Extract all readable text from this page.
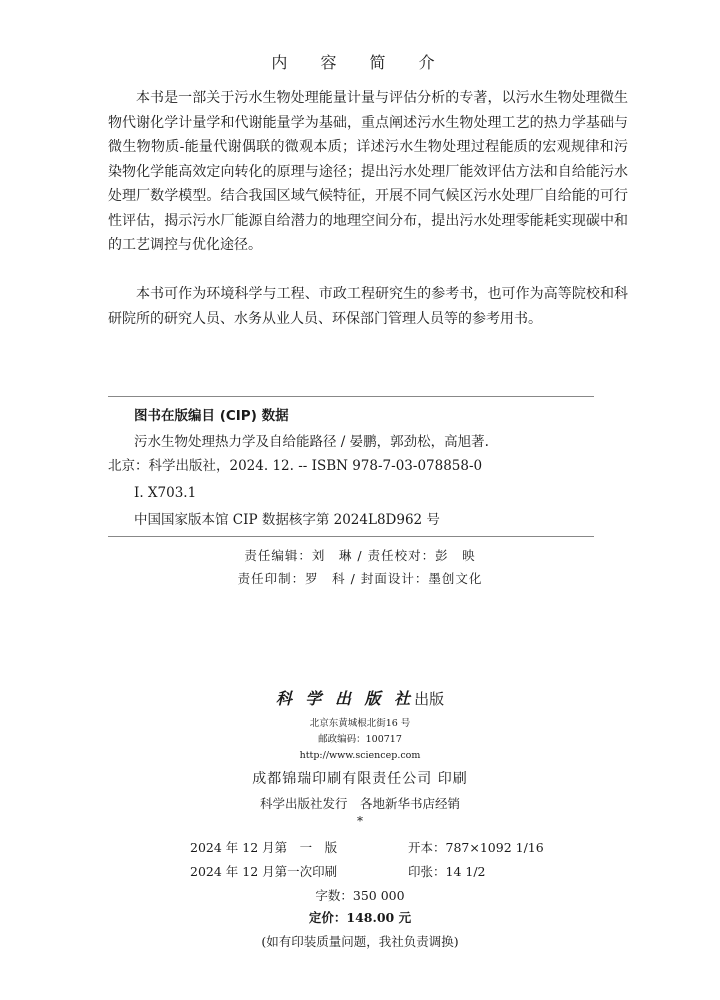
内 容 简 介

本书是一部关于污水生物处理能量计量与评估分析的专著，以污水生物处理微生物代谢化学计量学和代谢能量学为基础，重点阐述污水生物处理工艺的热力学基础与微生物物质-能量代谢偶联的微观本质；详述污水生物处理过程能质的宏观规律和污染物化学能高效定向转化的原理与途径；提出污水处理厂能效评估方法和自给能污水处理厂数学模型。结合我国区域气候特征，开展不同气候区污水处理厂自给能的可行性评估，揭示污水厂能源自给潜力的地理空间分布，提出污水处理零能耗实现碳中和的工艺调控与优化途径。

本书可作为环境科学与工程、市政工程研究生的参考书，也可作为高等院校和科研院所的研究人员、水务从业人员、环保部门管理人员等的参考用书。

图书在版编目 (CIP) 数据
污水生物处理热力学及自给能路径 / 晏鹏，郭劲松，高旭著.
北京：科学出版社，2024. 12. -- ISBN 978-7-03-078858-0
Ⅰ. X703.1
中国国家版本馆 CIP 数据核字第 2024L8D962 号
责任编辑：刘　琳 / 责任校对：彭　映
责任印制：罗　科 / 封面设计：墨创文化
科 学 出 版 社出版
北京东黄城根北街16 号
邮政编码：100717
http://www.sciencep.com
成都锦瑞印刷有限责任公司 印刷
科学出版社发行　各地新华书店经销
*
2024 年 12 月第　一　版	开本：787×1092 1/16
2024 年 12 月第一次印刷	印张：14 1/2
字数：350 000
定价：148.00 元
(如有印装质量问题，我社负责调换)
